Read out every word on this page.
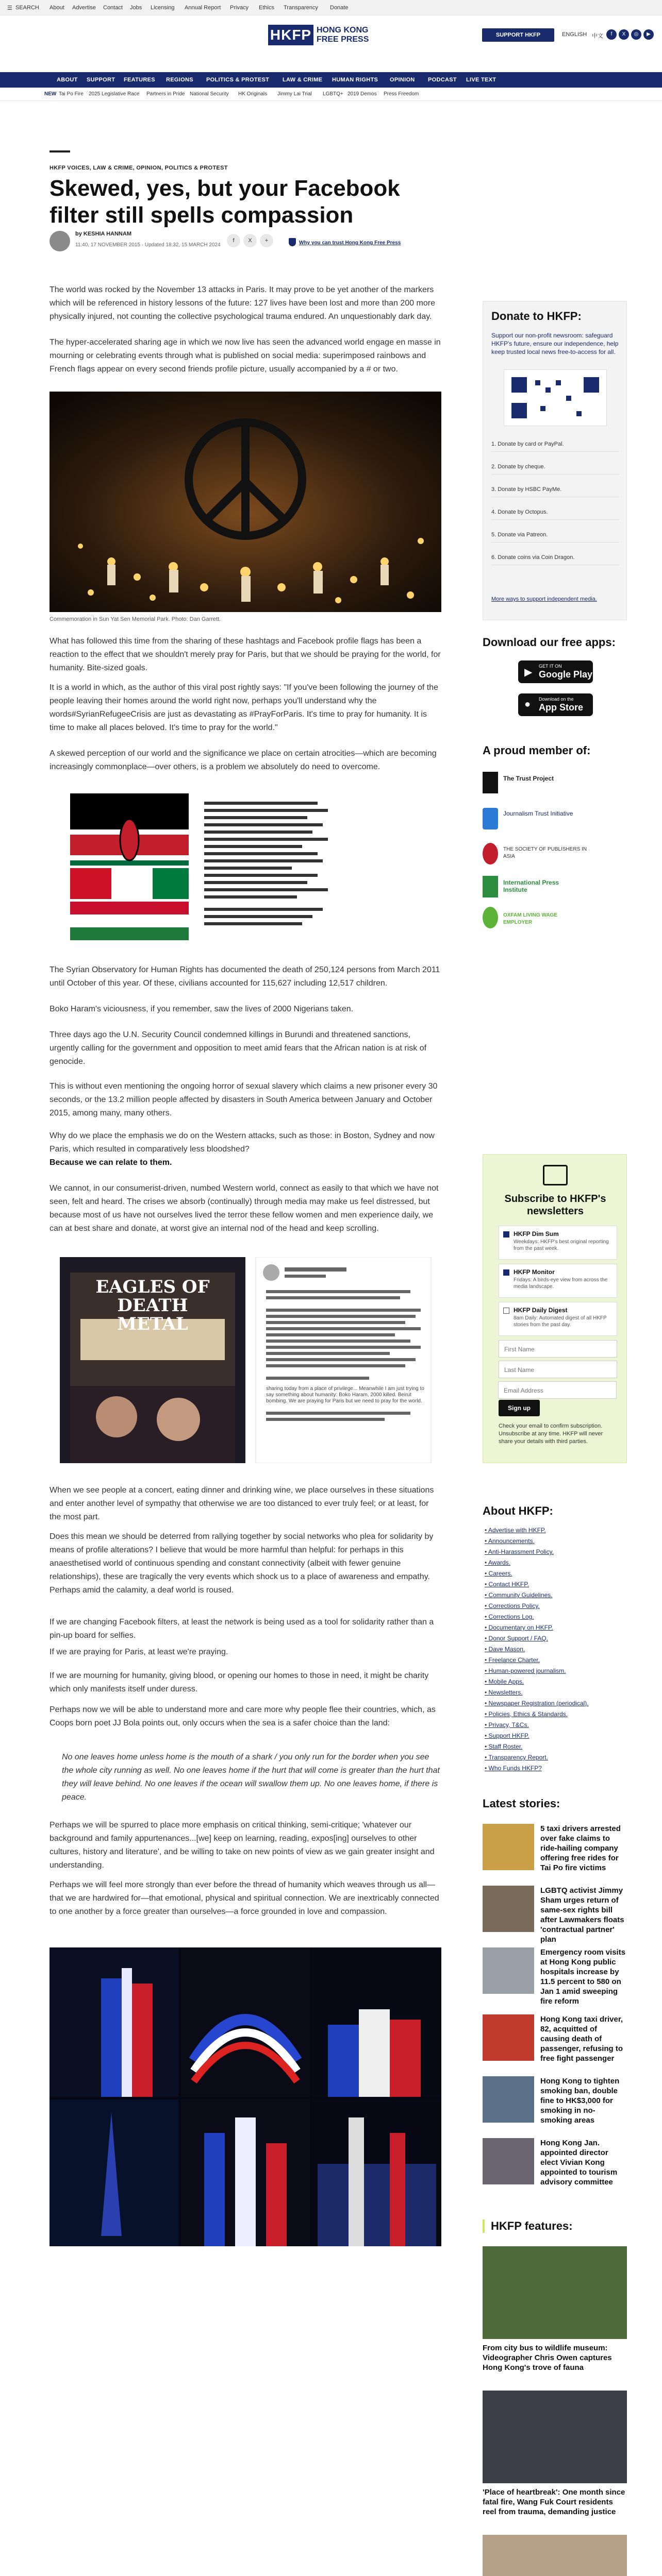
☰ SEARCH About Advertise Contact Jobs Licensing Annual Report Privacy Ethics Transparency Donate
HKFP HONG KONG
FREE PRESS	SUPPORT HKFP	ENGLISH 中文	f	X	◎	▶
ABOUT SUPPORT FEATURES REGIONS POLITICS & PROTEST LAW & CRIME HUMAN RIGHTS OPINION PODCAST LIVE TEXT
NEW Tai Po Fire 2025 Legislative Race Partners in Pride National Security HK Originals Jimmy Lai Trial LGBTQ+ 2019 Demos Press Freedom
HKFP VOICES, LAW & CRIME, OPINION, POLITICS & PROTEST
Skewed, yes, but your Facebook filter still spells compassion
by KESHIA HANNAM
11:40, 17 NOVEMBER 2015 · Updated 18:32, 15 MARCH 2024
f	X	+	Why you can trust Hong Kong Free Press

The world was rocked by the November 13 attacks in Paris. It may prove to be yet another of the markers which will be referenced in history lessons of the future: 127 lives have been lost and more than 200 more physically injured, not counting the collective psychological trauma endured. An unquestionably dark day.

The hyper-accelerated sharing age in which we now live has seen the advanced world engage en masse in mourning or celebrating events through what is published on social media: superimposed rainbows and French flags appear on every second friends profile picture, usually accompanied by a # or two.

Commemoration in Sun Yat Sen Memorial Park. Photo: Dan Garrett.

What has followed this time from the sharing of these hashtags and Facebook profile flags has been a reaction to the effect that we shouldn't merely pray for Paris, but that we should be praying for the world, for humanity. Bite-sized goals.

It is a world in which, as the author of this viral post rightly says: "If you've been following the journey of the people leaving their homes around the world right now, perhaps you'll understand why the words#SyrianRefugeeCrisis are just as devastating as #PrayForParis. It's time to pray for humanity. It is time to make all places beloved. It's time to pray for the world."

A skewed perception of our world and the significance we place on certain atrocities—which are becoming increasingly commonplace—over others, is a problem we absolutely do need to overcome.

The Syrian Observatory for Human Rights has documented the death of 250,124 persons from March 2011 until October of this year. Of these, civilians accounted for 115,627 including 12,517 children.

Boko Haram's viciousness, if you remember, saw the lives of 2000 Nigerians taken.

Three days ago the U.N. Security Council condemned killings in Burundi and threatened sanctions, urgently calling for the government and opposition to meet amid fears that the African nation is at risk of genocide.

This is without even mentioning the ongoing horror of sexual slavery which claims a new prisoner every 30 seconds, or the 13.2 million people affected by disasters in South America between January and October 2015, among many, many others.

Why do we place the emphasis we do on the Western attacks, such as those: in Boston, Sydney and now Paris, which resulted in comparatively less bloodshed?

Because we can relate to them.

We cannot, in our consumerist-driven, numbed Western world, connect as easily to that which we have not seen, felt and heard. The crises we absorb (continually) through media may make us feel distressed, but because most of us have not ourselves lived the terror these fellow women and men experience daily, we can at best share and donate, at worst give an internal nod of the head and keep scrolling.

EAGLES OF DEATH METAL
sharing today from a place of privilege... Meanwhile I am just trying to say something about humanity: Boko Haram, 2000 killed. Beirut bombing. We are praying for Paris but we need to pray for the world.

When we see people at a concert, eating dinner and drinking wine, we place ourselves in these situations and enter another level of sympathy that otherwise we are too distanced to ever truly feel; or at least, for the most part.

Does this mean we should be deterred from rallying together by social networks who plea for solidarity by means of profile alterations? I believe that would be more harmful than helpful: for perhaps in this anaesthetised world of continuous spending and constant connectivity (albeit with fewer genuine relationships), these are tragically the very events which shock us to a place of awareness and empathy. Perhaps amid the calamity, a deaf world is roused.

If we are changing Facebook filters, at least the network is being used as a tool for solidarity rather than a pin-up board for selfies.

If we are praying for Paris, at least we're praying.

If we are mourning for humanity, giving blood, or opening our homes to those in need, it might be charity which only manifests itself under duress.

Perhaps now we will be able to understand more and care more why people flee their countries, which, as Coops born poet JJ Bola points out, only occurs when the sea is a safer choice than the land:

No one leaves home unless home is the mouth of a shark / you only run for the border when you see the whole city running as well. No one leaves home if the hurt that will come is greater than the hurt that they will leave behind. No one leaves if the ocean will swallow them up. No one leaves home, if there is peace.

Perhaps we will be spurred to place more emphasis on critical thinking, semi-critique; 'whatever our background and family appurtenances...[we] keep on learning, reading, expos[ing] ourselves to other cultures, history and literature', and be willing to take on new points of view as we gain greater insight and understanding.

Perhaps we will feel more strongly than ever before the thread of humanity which weaves through us all—that we are hardwired for—that emotional, physical and spiritual connection. We are inextricably connected to one another by a force greater than ourselves—a force grounded in love and compassion.

Donate to HKFP:
Support our non-profit newsroom: safeguard HKFP's future, ensure our independence, help keep trusted local news free-to-access for all.
1. Donate by card or PayPal.
2. Donate by cheque.
3. Donate by HSBC PayMe.
4. Donate by Octopus.
5. Donate via Patreon.
6. Donate coins via Coin Dragon.
More ways to support independent media.
Download our free apps:
▶
GET IT ON
Google Play
● Download on the
App Store
A proud member of:
The Trust Project
Journalism Trust Initiative
THE SOCIETY OF PUBLISHERS IN ASIA
International Press Institute
OXFAM LIVING WAGE EMPLOYER
Subscribe to HKFP's newsletters
HKFP Dim Sum
Weekdays: HKFP's best original reporting from the past week.
HKFP Monitor
Fridays: A birds-eye view from across the media landscape.
HKFP Daily Digest
8am Daily: Automated digest of all HKFP stories from the past day.
First Name
Sign up
Last Name
Check your email to confirm subscription. Unsubscribe at any time. HKFP will never share your details with third parties.
Email Address
About HKFP:
• Advertise with HKFP.
• Announcements.
• Anti-Harassment Policy.
• Awards.
• Careers.
• Contact HKFP.
• Community Guidelines.
• Corrections Policy.
• Corrections Log.
• Documentary on HKFP.
• Donor Support / FAQ.
• Dave Mason.
• Freelance Charter.
• Human-powered journalism.
• Mobile Apps.
• Newsletters.
• Newspaper Registration (periodical).
• Policies, Ethics & Standards.
• Privacy, T&Cs.
• Support HKFP.
• Staff Roster.
• Transparency Report.
• Who Funds HKFP?
Latest stories:
5 taxi drivers arrested over fake claims to ride-hailing company offering free rides for Tai Po fire victims
LGBTQ activist Jimmy Sham urges return of same-sex rights bill after Lawmakers floats 'contractual partner' plan
Emergency room visits at Hong Kong public hospitals increase by 11.5 percent to 580 on Jan 1 amid sweeping fire reform
Hong Kong taxi driver, 82, acquitted of causing death of passenger, refusing to free fight passenger
Hong Kong to tighten smoking ban, double fine to HK$3,000 for smoking in no-smoking areas
Hong Kong Jan. appointed director elect Vivian Kong appointed to tourism advisory committee
HKFP features:
From city bus to wildlife museum: Videographer Chris Owen captures Hong Kong's trove of fauna
'Place of heartbreak': One month since fatal fire, Wang Fuk Court residents reel from trauma, demanding justice
